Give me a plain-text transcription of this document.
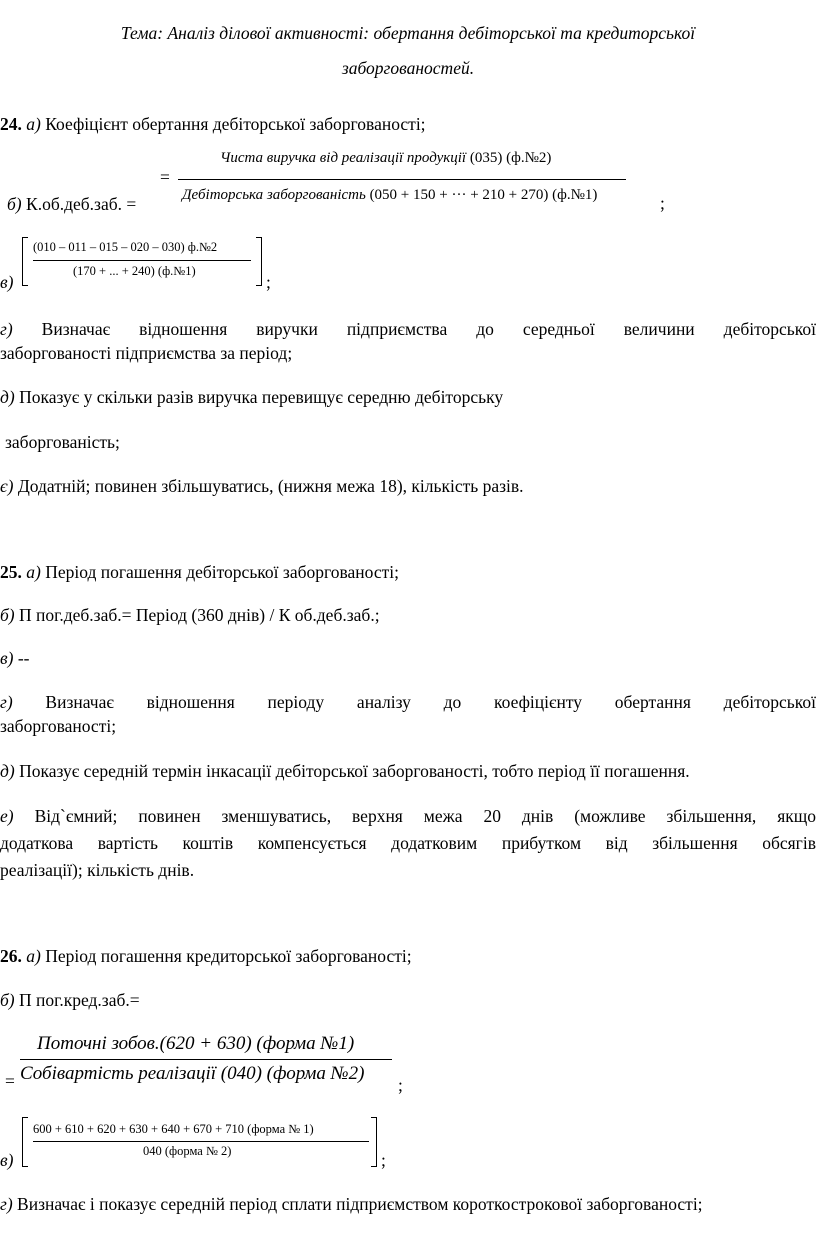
Тема: Аналіз ділової активності: обертання дебіторської та кредиторської
заборгованостей.
24. а) Коефіцієнт обертання дебіторської заборгованості;
б) К.об.деб.заб. =
=
Чиста виручка від реалізації продукції (035) (ф.№2)
Дебіторська заборгованість (050 + 150 + ··· + 210 + 270) (ф.№1)	;
в)
(010 – 011 – 015 – 020 – 030) ф.№2
(170 + ... + 240) (ф.№1)
;
г) Визначає відношення виручки підприємства до середньої величини дебіторської
заборгованості підприємства за період;
д) Показує у скільки разів виручка перевищує середню дебіторську
заборгованість;
є) Додатній; повинен збільшуватись, (нижня межа 18), кількість разів.
25. а) Період погашення дебіторської заборгованості;
б) П пог.деб.заб.= Період (360 днів) / К об.деб.заб.;
в) --
г) Визначає відношення періоду аналізу до коефіцієнту обертання дебіторської
заборгованості;
д) Показує середній термін інкасації дебіторської заборгованості, тобто період її погашення.
е) Від`ємний; повинен зменшуватись, верхня межа 20 днів (можливе збільшення, якщо
додаткова вартість коштів компенсується додатковим прибутком від збільшення обсягів
реалізації); кількість днів.
26. а) Період погашення кредиторської заборгованості;
б) П пог.кред.заб.=
=
Поточні зобов.(620 + 630) (форма №1)
Собівартість реалізації (040) (форма №2)
;
в)
600 + 610 + 620 + 630 + 640 + 670 + 710 (форма № 1)
040 (форма № 2)	;
г) Визначає і показує середній період сплати підприємством короткострокової заборгованості;
